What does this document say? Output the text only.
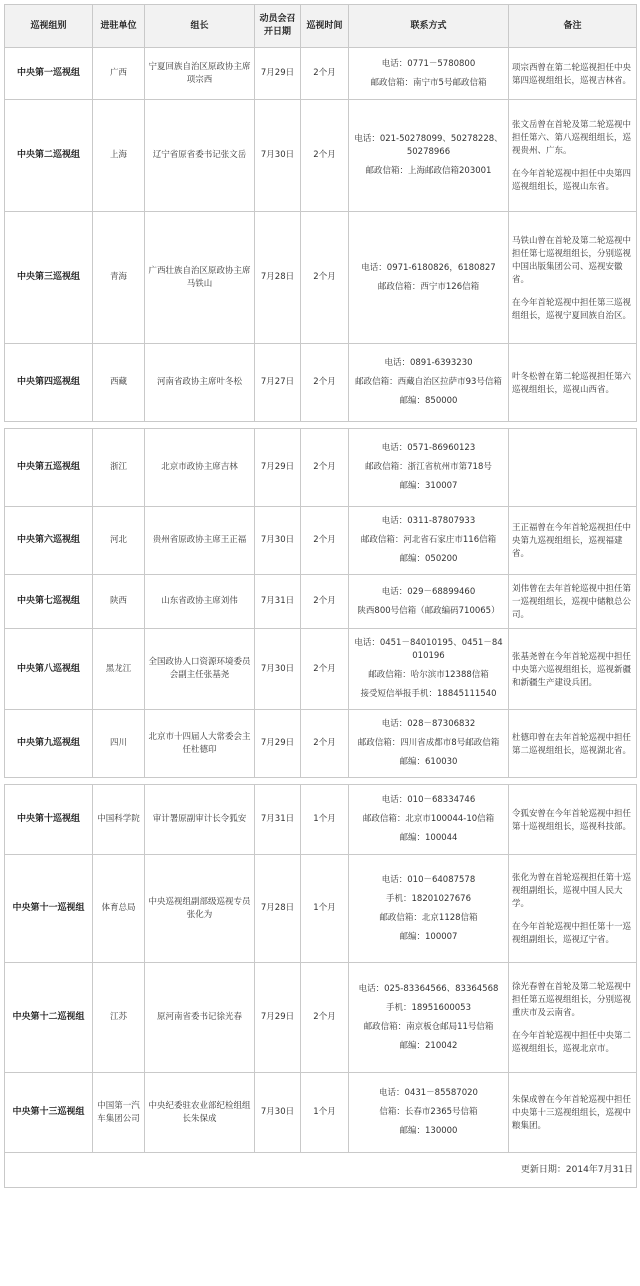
巡视组别	进驻单位	组长	动员会召开日期	巡视时间	联系方式	备注
中央第一巡视组	广西	宁夏回族自治区原政协主席项宗西	7月29日	2个月	电话：0771－5780800
邮政信箱：南宁市5号邮政信箱	项宗西曾在第二轮巡视担任中央第四巡视组组长，巡视吉林省。

中央第二巡视组	上海	辽宁省原省委书记张文岳	7月30日	2个月	电话：021-50278099、50278228、50278966
邮政信箱：上海邮政信箱203001	张文岳曾在首轮及第二轮巡视中担任第六、第八巡视组组长，巡视贵州、广东。
在今年首轮巡视中担任中央第四巡视组组长，巡视山东省。

中央第三巡视组	青海	广西壮族自治区原政协主席马铁山	7月28日	2个月	电话：0971-6180826，6180827
邮政信箱：西宁市126信箱	马铁山曾在首轮及第二轮巡视中担任第七巡视组组长，分别巡视中国出版集团公司、巡视安徽省。
在今年首轮巡视中担任第三巡视组组长，巡视宁夏回族自治区。

中央第四巡视组	西藏	河南省政协主席叶冬松	7月27日	2个月	电话：0891-6393230
邮政信箱：西藏自治区拉萨市93号信箱
邮编：850000	叶冬松曾在第二轮巡视担任第六巡视组组长，巡视山西省。

中央第五巡视组	浙江	北京市政协主席吉林	7月29日	2个月	电话：0571-86960123
邮政信箱：浙江省杭州市第718号
邮编：310007	

中央第六巡视组	河北	贵州省原政协主席王正福	7月30日	2个月	电话：0311-87807933
邮政信箱：河北省石家庄市116信箱
邮编：050200	王正福曾在今年首轮巡视担任中央第九巡视组组长，巡视福建省。

中央第七巡视组	陕西	山东省政协主席刘伟	7月31日	2个月	电话：029－68899460
陕西800号信箱（邮政编码710065）	刘伟曾在去年首轮巡视中担任第一巡视组组长，巡视中储粮总公司。

中央第八巡视组	黑龙江	全国政协人口资源环境委员会副主任张基尧	7月30日	2个月	电话：0451－84010195、0451－84010196
邮政信箱：哈尔滨市12388信箱
接受短信举报手机：18845111540	张基尧曾在今年首轮巡视中担任中央第六巡视组组长，巡视新疆和新疆生产建设兵团。

中央第九巡视组	四川	北京市十四届人大常委会主任杜德印	7月29日	2个月	电话：028－87306832
邮政信箱：四川省成都市8号邮政信箱
邮编：610030	杜德印曾在去年首轮巡视中担任第二巡视组组长，巡视湖北省。

中央第十巡视组	中国科学院	审计署原副审计长令狐安	7月31日	1个月	电话：010－68334746
邮政信箱：北京市100044-10信箱
邮编：100044	令狐安曾在今年首轮巡视中担任第十巡视组组长，巡视科技部。

中央第十一巡视组	体育总局	中央巡视组副部级巡视专员张化为	7月28日	1个月	电话：010－64087578
手机：18201027676
邮政信箱：北京1128信箱
邮编：100007	张化为曾在首轮巡视担任第十巡视组副组长，巡视中国人民大学。
在今年首轮巡视中担任第十一巡视组副组长，巡视辽宁省。

中央第十二巡视组	江苏	原河南省委书记徐光春	7月29日	2个月	电话：025-83364566、83364568
手机：18951600053
邮政信箱：南京板仓邮局11号信箱
邮编：210042	徐光春曾在首轮及第二轮巡视中担任第五巡视组组长，分别巡视重庆市及云南省。
在今年首轮巡视中担任中央第二巡视组组长，巡视北京市。

中央第十三巡视组	中国第一汽车集团公司	中央纪委驻农业部纪检组组长朱保成	7月30日	1个月	电话：0431－85587020
信箱：长春市2365号信箱
邮编：130000	朱保成曾在今年首轮巡视中担任中央第十三巡视组组长，巡视中粮集团。

更新日期：2014年7月31日						
